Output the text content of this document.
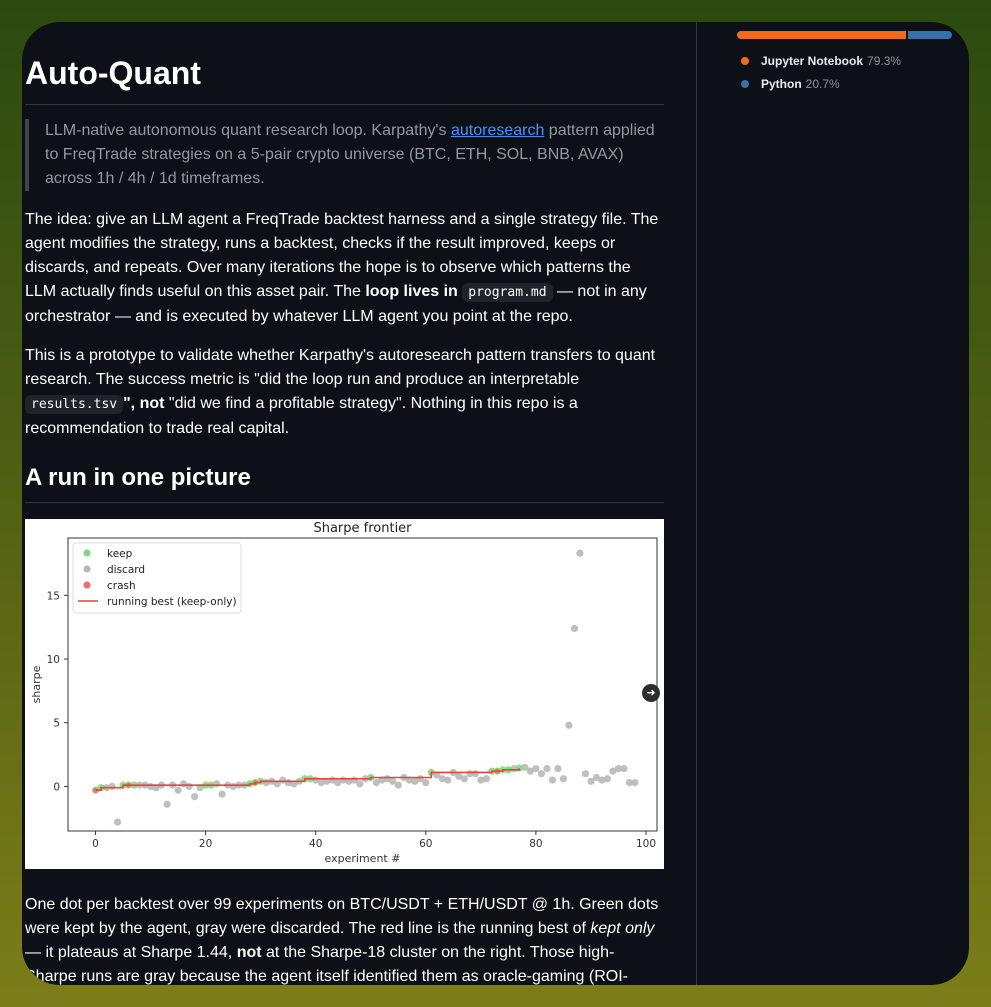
Auto-Quant
LLM-native autonomous quant research loop. Karpathy's autoresearch pattern applied to FreqTrade strategies on a 5-pair crypto universe (BTC, ETH, SOL, BNB, AVAX) across 1h / 4h / 1d timeframes.

The idea: give an LLM agent a FreqTrade backtest harness and a single strategy file. The agent modifies the strategy, runs a backtest, checks if the result improved, keeps or discards, and repeats. Over many iterations the hope is to observe which patterns the LLM actually finds useful on this asset pair. The loop lives in program.md — not in any orchestrator — and is executed by whatever LLM agent you point at the repo.

This is a prototype to validate whether Karpathy's autoresearch pattern transfers to quant research. The success metric is "did the loop run and produce an interpretable results.tsv ", not "did we find a profitable strategy". Nothing in this repo is a recommendation to trade real capital.

A run in one picture
Sharpe frontier
0	20	40	60	80	100
0
5
10
15
experiment #
sharpe
keep
discard
crash
running best (keep-only)

One dot per backtest over 99 experiments on BTC/USDT + ETH/USDT @ 1h. Green dots were kept by the agent, gray were discarded. The red line is the running best of kept only — it plateaus at Sharpe 1.44, not at the Sharpe-18 cluster on the right. Those high-Sharpe runs are gray because the agent itself identified them as oracle-gaming (ROI-

➜
Jupyter Notebook 79.3%
Python 20.7%
